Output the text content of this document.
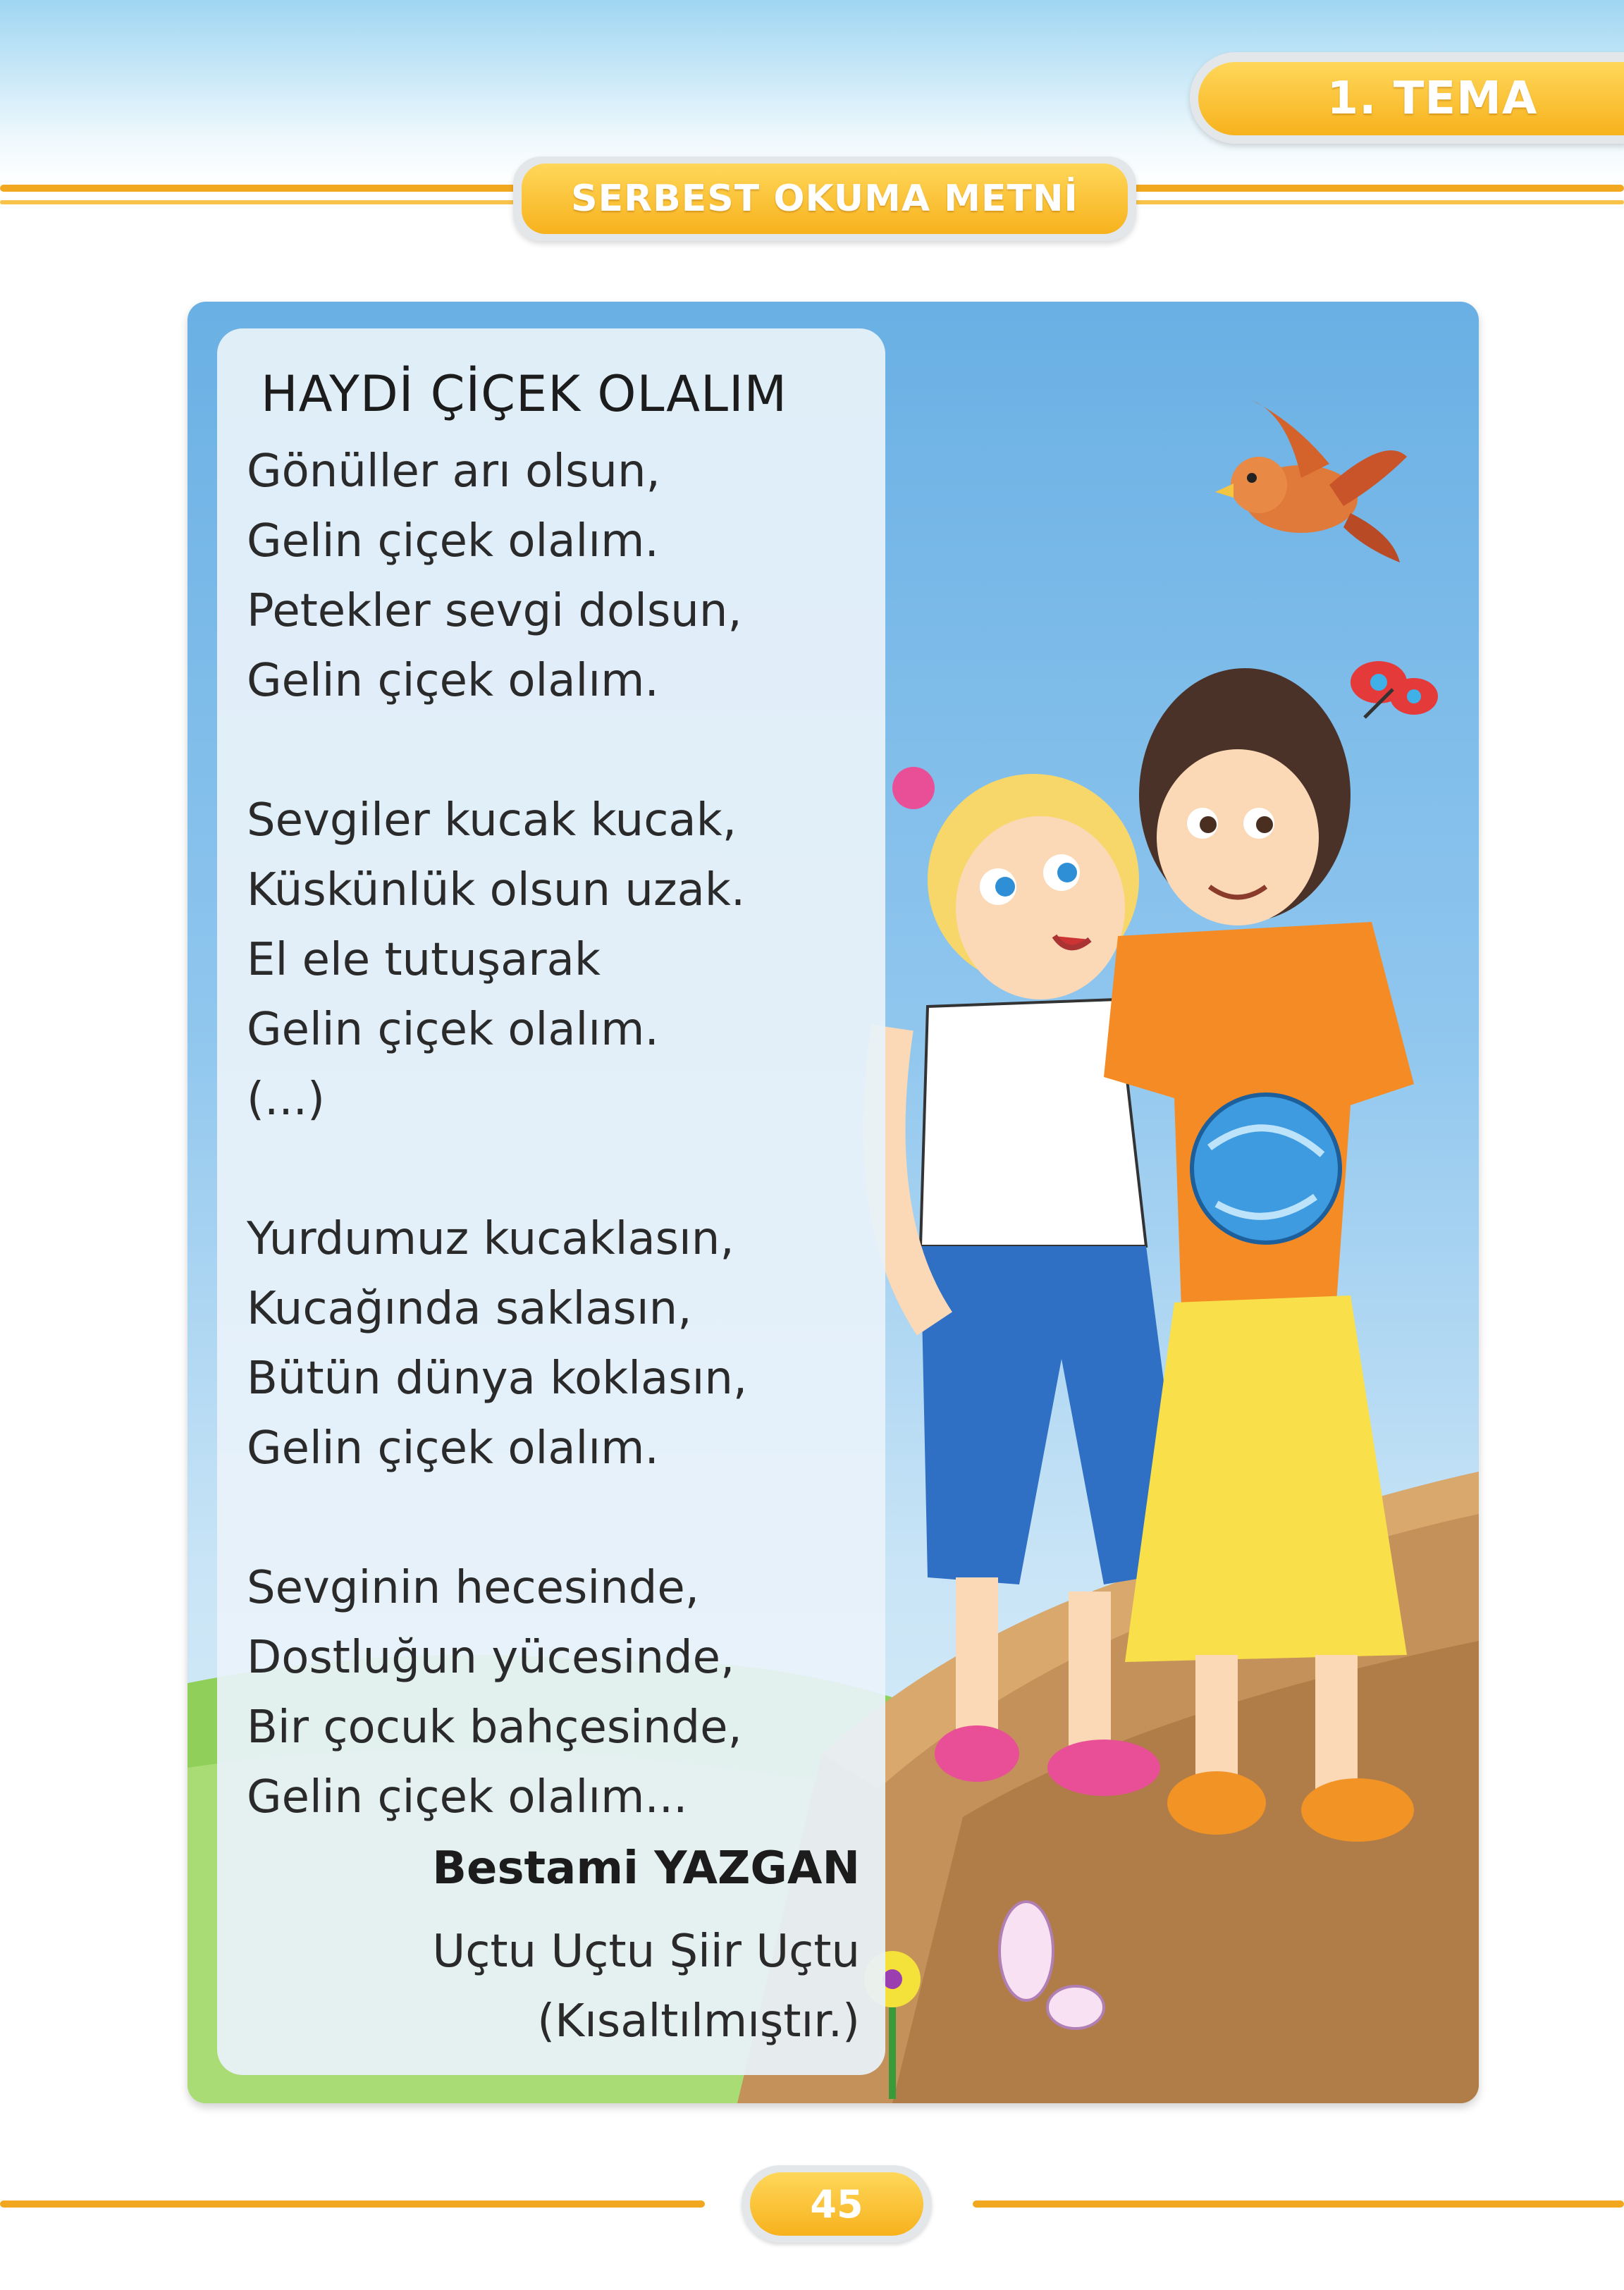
1. TEMA
SERBEST OKUMA METNİ
HAYDİ ÇİÇEK OLALIM
Gönüller arı olsun,
Gelin çiçek olalım.
Petekler sevgi dolsun,
Gelin çiçek olalım.
Sevgiler kucak kucak,
Küskünlük olsun uzak.
El ele tutuşarak
Gelin çiçek olalım.
(...)
Yurdumuz kucaklasın,
Kucağında saklasın,
Bütün dünya koklasın,
Gelin çiçek olalım.
Sevginin hecesinde,
Dostluğun yücesinde,
Bir çocuk bahçesinde,
Gelin çiçek olalım...
Bestami YAZGAN
Uçtu Uçtu Şiir Uçtu
(Kısaltılmıştır.)
45
